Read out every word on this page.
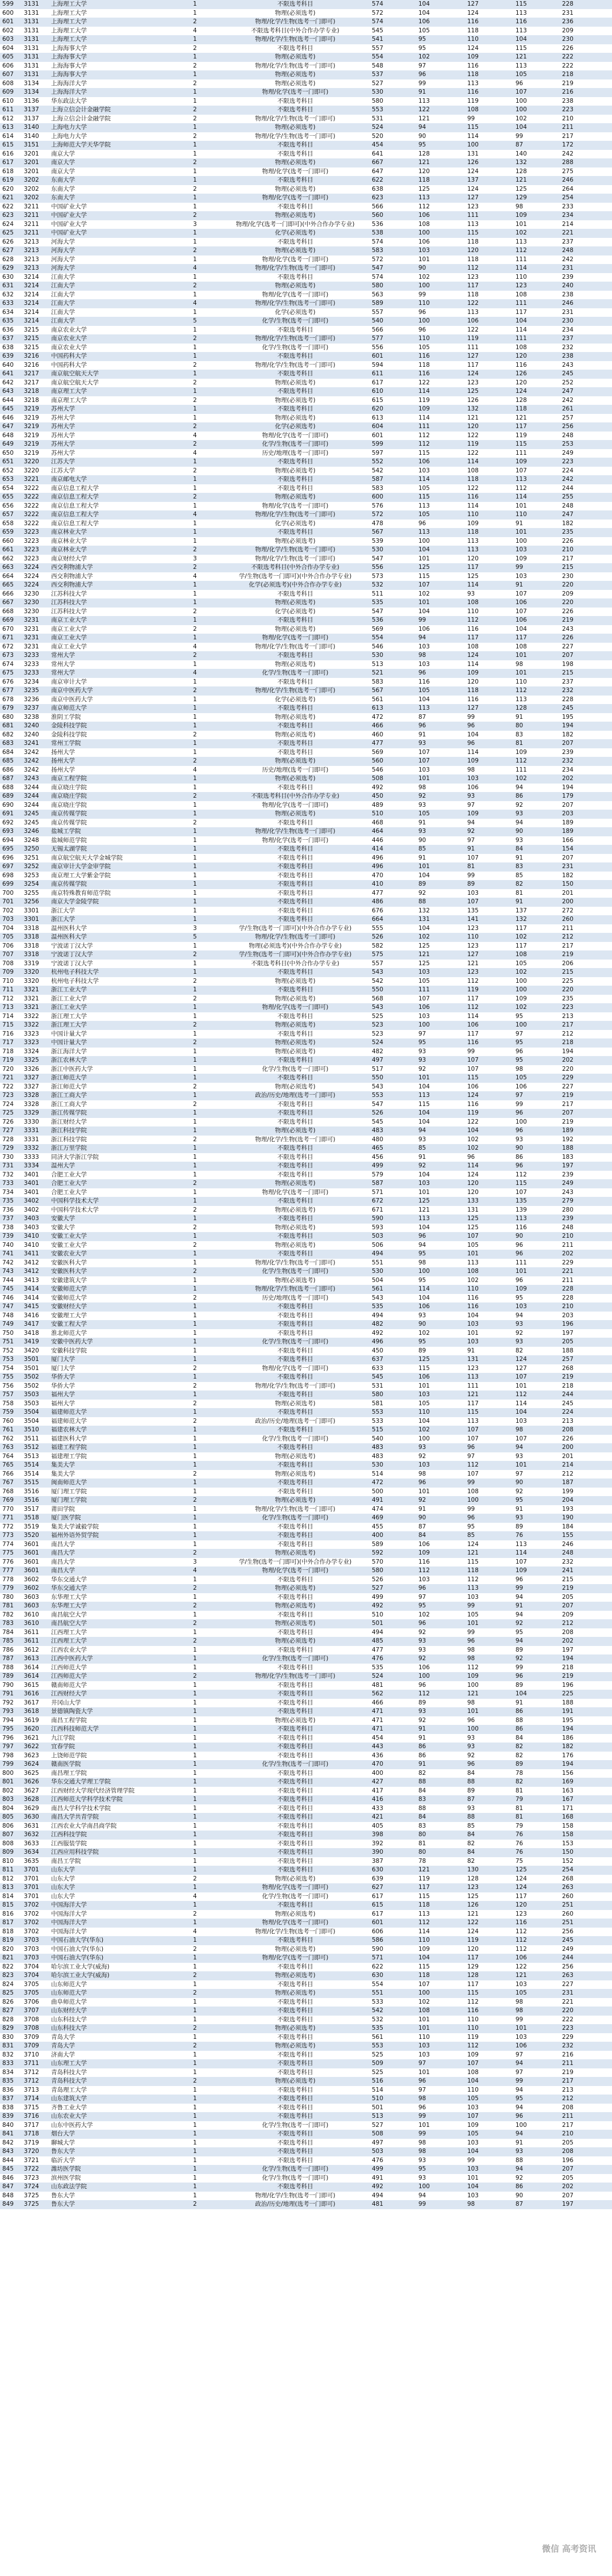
599	3131	上海理工大学	1	不限选考科目	574	104	127	115	228
600	3131	上海理工大学	1	物理(必须选考)	572	104	124	113	231
601	3131	上海理工大学	2	物理/化学/生物(选考一门即可)	574	106	116	116	236
602	3131	上海理工大学	4	不限选考科目(中外合作办学专业)	545	105	118	113	209
603	3131	上海理工大学	1	物理/化学/生物(选考一门即可)	541	95	110	104	230
604	3131	上海海事大学	2	不限选考科目	557	95	124	115	226
605	3131	上海海事大学	1	物理(必须选考)	554	102	109	121	222
606	3131	上海海事大学	2	物理/化学/生物(选考一门即可)	548	97	116	113	222
607	3131	上海海事大学	1	物理(必须选考)	537	96	118	105	218
608	3134	上海海洋大学	2	物理(必须选考)	527	99	113	96	219
609	3134	上海海洋大学	1	物理/化学(选考一门即可)	530	91	116	107	216
610	3136	华东政法大学	1	不限选考科目	580	113	119	100	238
611	3137	上海立信会计金融学院	2	不限选考科目	553	122	108	100	223
612	3137	上海立信会计金融学院	2	物理/化学/生物(选考一门即可)	531	121	99	102	210
613	3140	上海电力大学	1	物理(必须选考)	524	94	115	104	211
614	3140	上海电力大学	2	物理/化学/生物(选考一门即可)	520	90	114	99	217
615	3151	上海师范大学天华学院	1	不限选考科目	454	95	100	87	172
616	3201	南京大学	1	不限选考科目	641	128	131	140	242
617	3201	南京大学	2	物理(必须选考)	667	121	126	132	288
618	3201	南京大学	1	物理/化学(选考一门即可)	647	120	124	128	275
619	3202	东南大学	1	不限选考科目	622	118	137	121	246
620	3202	东南大学	2	物理(必须选考)	638	125	124	125	264
621	3202	东南大学	1	物理/化学(选考一门即可)	623	113	127	129	254
622	3211	中国矿业大学	1	不限选考科目	566	112	123	98	233
623	3211	中国矿业大学	2	物理(必须选考)	560	106	111	109	234
624	3211	中国矿业大学	3	物理/化学(选考一门即可)(中外合作办学专业)	536	108	113	101	214
625	3211	中国矿业大学	1	化学(必须选考)	538	100	115	102	221
626	3213	河海大学	1	不限选考科目	574	106	118	113	237
627	3213	河海大学	2	物理(必须选考)	583	103	120	112	248
628	3213	河海大学	1	物理/化学(选考一门即可)	572	101	118	111	242
629	3213	河海大学	4	物理/化学/生物(选考一门即可)	547	90	112	114	231
630	3214	江南大学	1	不限选考科目	574	102	123	110	239
631	3214	江南大学	2	物理(必须选考)	580	100	117	123	240
632	3214	江南大学	1	物理/化学(选考一门即可)	563	99	118	108	238
633	3214	江南大学	4	物理/化学/生物(选考一门即可)	589	110	122	111	246
634	3214	江南大学	1	化学(必须选考)	557	96	113	117	231
635	3214	江南大学	5	化学/生物(选考一门即可)	540	100	106	104	230
636	3215	南京农业大学	1	不限选考科目	566	96	122	114	234
637	3215	南京农业大学	2	物理/化学/生物(选考一门即可)	577	110	119	111	237
638	3215	南京农业大学	1	化学/生物(选考一门即可)	556	105	111	108	232
639	3216	中国药科大学	1	不限选考科目	601	116	127	120	238
640	3216	中国药科大学	2	物理/化学/生物(选考一门即可)	594	118	117	116	243
641	3217	南京航空航天大学	1	不限选考科目	611	116	124	126	245
642	3217	南京航空航天大学	2	物理(必须选考)	617	122	123	120	252
643	3218	南京理工大学	1	不限选考科目	610	114	125	124	247
644	3218	南京理工大学	2	物理(必须选考)	615	119	126	128	242
645	3219	苏州大学	1	不限选考科目	620	109	132	118	261
646	3219	苏州大学	1	物理(必须选考)	613	114	121	121	257
647	3219	苏州大学	2	化学(必须选考)	604	111	120	117	256
648	3219	苏州大学	4	物理/化学(选考一门即可)	601	112	122	119	248
649	3219	苏州大学	2	化学/生物(选考一门即可)	599	112	119	115	253
650	3219	苏州大学	4	历史/地理(选考一门即可)	597	115	122	111	249
651	3220	江苏大学	1	不限选考科目	552	106	114	109	223
652	3220	江苏大学	2	物理(必须选考)	542	103	108	107	224
653	3221	南京邮电大学	1	不限选考科目	587	114	118	113	242
654	3222	南京信息工程大学	1	不限选考科目	583	105	122	112	244
655	3222	南京信息工程大学	2	物理(必须选考)	600	115	116	114	255
656	3222	南京信息工程大学	1	物理/化学(选考一门即可)	576	113	114	101	248
657	3222	南京信息工程大学	4	物理/化学/生物(选考一门即可)	572	105	110	110	247
658	3222	南京信息工程大学	1	化学(必须选考)	478	96	109	91	182
659	3223	南京林业大学	1	不限选考科目	567	113	118	101	235
660	3223	南京林业大学	1	物理(必须选考)	539	100	113	100	226
661	3223	南京林业大学	2	物理/化学/生物(选考一门即可)	530	104	113	103	210
662	3223	南京财经大学	3	物理/化学/生物(选考一门即可)	547	101	120	109	217
663	3224	西交利物浦大学	2	不限选考科目(中外合作办学专业)	556	125	117	99	215
664	3224	西交利物浦大学	4	学/生物(选考一门即可)(中外合作办学专业)	573	115	125	103	230
665	3224	西交利物浦大学	1	化学(必须选考)(中外合作办学专业)	532	107	114	91	220
666	3230	江苏科技大学	1	不限选考科目	511	102	93	107	209
667	3230	江苏科技大学	1	物理(必须选考)	535	101	108	106	220
668	3230	江苏科技大学	2	化学(必须选考)	547	104	110	107	226
669	3231	南京工业大学	1	不限选考科目	536	99	112	106	219
670	3231	南京工业大学	2	物理(必须选考)	569	106	116	104	243
671	3231	南京工业大学	1	物理/化学(选考一门即可)	554	94	117	117	226
672	3231	南京工业大学	4	物理/化学/生物(选考一门即可)	546	103	108	108	227
673	3233	常州大学	2	不限选考科目	530	98	124	101	207
674	3233	常州大学	1	物理(必须选考)	513	103	114	98	198
675	3233	常州大学	4	化学/生物(选考一门即可)	521	96	109	101	215
676	3234	南京审计大学	1	不限选考科目	583	116	120	110	237
677	3235	南京中医药大学	2	物理/化学/生物(选考一门即可)	567	105	118	112	232
678	3236	南京中医药大学	1	化学(必须选考)	561	104	116	113	228
679	3237	南京师范大学	1	不限选考科目	613	113	127	128	245
680	3238	淮阴工学院	1	物理(必须选考)	472	87	99	91	195
681	3240	金陵科技学院	1	不限选考科目	466	96	96	80	194
682	3240	金陵科技学院	2	物理(必须选考)	460	91	104	83	182
683	3241	常州工学院	1	不限选考科目	477	93	96	81	207
684	3242	扬州大学	1	不限选考科目	569	107	114	109	239
685	3242	扬州大学	2	物理(必须选考)	560	107	109	112	232
686	3242	扬州大学	4	历史/地理(选考一门即可)	546	103	98	111	234
687	3243	南京工程学院	1	物理(必须选考)	508	101	103	102	202
688	3244	南京晓庄学院	1	不限选考科目	492	98	106	94	194
689	3244	南京晓庄学院	2	不限选考科目(中外合作办学专业)	450	92	93	86	179
690	3244	南京晓庄学院	1	物理/化学(选考一门即可)	489	93	97	92	207
691	3245	南京传媒学院	1	物理(必须选考)	510	105	109	93	203
692	3245	南京传媒学院	2	不限选考科目	468	91	94	94	189
693	3246	盐城工学院	1	物理/化学/生物(选考一门即可)	464	93	92	90	189
694	3248	盐城师范学院	1	物理/化学(选考一门即可)	446	90	97	93	166
695	3250	无锡太湖学院	1	不限选考科目	414	85	91	84	154
696	3251	南京航空航天大学金城学院	1	不限选考科目	496	91	107	91	207
697	3252	南京审计大学金审学院	1	不限选考科目	496	101	81	83	231
698	3253	南京理工大学紫金学院	1	不限选考科目	470	104	99	85	182
699	3254	南京传媒学院	1	不限选考科目	410	89	89	82	150
700	3255	南京特殊教育师范学院	1	不限选考科目	477	92	103	81	201
701	3256	南京大学金陵学院	1	不限选考科目	486	88	107	91	200
702	3301	浙江大学	1	不限选考科目	676	132	135	137	272
703	3301	浙江大学	1	不限选考科目	664	131	141	132	260
704	3318	温州医科大学	3	学/生物(选考一门即可)(中外合作办学专业)	555	104	123	117	211
705	3318	温州医科大学	5	物理/化学/生物(选考一门即可)	526	102	110	102	212
706	3318	宁波诺丁汉大学	1	物理(必须选考)(中外合作办学专业)	582	125	123	117	217
707	3318	宁波诺丁汉大学	2	学/生物(选考一门即可)(中外合作办学专业)	575	121	127	108	219
708	3319	宁波诺丁汉大学	1	不限选考科目(中外合作办学专业)	557	125	121	105	206
709	3320	杭州电子科技大学	1	不限选考科目	543	103	123	102	215
710	3320	杭州电子科技大学	2	物理(必须选考)	542	105	112	100	225
711	3321	浙江工业大学	1	不限选考科目	550	111	119	100	220
712	3321	浙江工业大学	2	物理(必须选考)	568	107	117	109	235
713	3321	浙江工业大学	1	物理/化学(选考一门即可)	543	106	112	102	223
714	3322	浙江理工大学	1	不限选考科目	525	103	114	95	213
715	3322	浙江理工大学	2	物理(必须选考)	523	100	106	100	217
716	3323	中国计量大学	1	不限选考科目	523	97	117	97	212
717	3323	中国计量大学	2	物理(必须选考)	524	95	116	95	218
718	3324	浙江海洋大学	1	物理(必须选考)	482	93	99	96	194
719	3325	浙江农林大学	1	不限选考科目	497	93	107	95	202
720	3326	浙江中医药大学	1	化学/生物(选考一门即可)	517	92	107	98	220
721	3327	浙江师范大学	1	不限选考科目	550	101	115	105	229
722	3327	浙江师范大学	2	物理(必须选考)	543	104	106	106	227
723	3328	浙江工商大学	1	政治/历史/地理(选考一门即可)	553	113	124	97	219
724	3328	浙江工商大学	2	不限选考科目	547	115	116	99	217
725	3329	浙江传媒学院	1	不限选考科目	526	104	119	96	207
726	3330	浙江财经大学	1	不限选考科目	545	104	122	100	219
727	3331	浙江科技学院	1	物理(必须选考)	483	94	104	96	189
728	3331	浙江科技学院	2	物理/化学/生物(选考一门即可)	480	93	102	93	192
729	3332	浙江万里学院	1	不限选考科目	465	85	102	90	188
730	3333	同济大学浙江学院	1	不限选考科目	456	91	96	86	183
731	3334	温州大学	1	不限选考科目	499	92	114	96	197
732	3401	合肥工业大学	1	不限选考科目	579	104	124	112	239
733	3401	合肥工业大学	2	物理(必须选考)	587	103	120	115	249
734	3401	合肥工业大学	1	物理/化学(选考一门即可)	571	101	120	107	243
735	3402	中国科学技术大学	1	不限选考科目	672	125	133	135	279
736	3402	中国科学技术大学	2	物理(必须选考)	671	121	131	139	280
737	3403	安徽大学	1	不限选考科目	590	113	125	113	239
738	3403	安徽大学	2	物理(必须选考)	593	104	125	116	248
739	3410	安徽工业大学	1	不限选考科目	503	96	107	90	210
740	3410	安徽工业大学	2	物理(必须选考)	506	94	105	96	211
741	3411	安徽农业大学	1	不限选考科目	494	95	101	96	202
742	3412	安徽医科大学	1	物理/化学/生物(选考一门即可)	551	98	113	111	229
743	3412	安徽医科大学	2	化学/生物(选考一门即可)	530	100	108	101	221
744	3413	安徽建筑大学	1	物理(必须选考)	504	95	102	96	211
745	3414	安徽师范大学	1	物理/化学/生物(选考一门即可)	561	114	110	109	228
746	3414	安徽师范大学	2	历史/地理(选考一门即可)	543	104	116	95	228
747	3415	安徽财经大学	1	不限选考科目	535	106	116	103	210
748	3416	安徽理工大学	1	不限选考科目	494	93	104	94	203
749	3417	安徽工程大学	1	不限选考科目	482	90	103	93	196
750	3418	淮北师范大学	1	不限选考科目	492	102	101	92	197
751	3419	安徽中医药大学	1	化学/生物(选考一门即可)	496	95	103	93	205
752	3420	安徽科技学院	1	不限选考科目	450	89	91	82	188
753	3501	厦门大学	1	不限选考科目	637	125	131	124	257
754	3501	厦门大学	2	物理/化学(选考一门即可)	633	115	123	127	268
755	3502	华侨大学	1	不限选考科目	545	106	113	107	219
756	3502	华侨大学	2	物理/化学/生物(选考一门即可)	531	101	111	101	218
757	3503	福州大学	1	不限选考科目	580	103	121	112	244
758	3503	福州大学	2	物理(必须选考)	581	105	117	114	245
759	3504	福建师范大学	1	不限选考科目	553	110	115	104	224
760	3504	福建师范大学	2	政治/历史/地理(选考一门即可)	533	104	113	103	213
761	3510	福建农林大学	1	不限选考科目	515	102	107	98	208
762	3511	福建医科大学	1	化学/生物(选考一门即可)	540	100	107	107	226
763	3512	福建工程学院	1	不限选考科目	483	93	96	94	200
764	3513	福建理工学院	1	物理(必须选考)	483	92	97	93	201
765	3514	集美大学	1	不限选考科目	530	103	112	101	214
766	3514	集美大学	2	物理(必须选考)	514	98	107	97	212
767	3515	闽南师范大学	1	不限选考科目	472	96	99	90	187
768	3516	厦门理工学院	1	不限选考科目	500	101	108	92	199
769	3516	厦门理工学院	2	物理(必须选考)	491	92	100	95	204
770	3517	莆田学院	1	物理/化学/生物(选考一门即可)	474	91	99	91	193
771	3518	厦门医学院	1	化学/生物(选考一门即可)	469	90	96	93	190
772	3519	集美大学诚毅学院	1	不限选考科目	455	87	95	89	184
773	3520	福州外语外贸学院	1	不限选考科目	400	84	85	76	155
774	3601	南昌大学	1	不限选考科目	589	106	124	113	246
775	3601	南昌大学	2	物理(必须选考)	592	109	121	114	248
776	3601	南昌大学	3	学/生物(选考一门即可)(中外合作办学专业)	570	116	115	107	232
777	3601	南昌大学	4	物理/化学(选考一门即可)	580	112	118	109	241
778	3602	华东交通大学	1	不限选考科目	526	103	112	96	215
779	3602	华东交通大学	2	物理(必须选考)	527	96	113	99	219
780	3603	东华理工大学	1	不限选考科目	499	97	103	94	205
781	3603	东华理工大学	2	物理(必须选考)	492	95	99	91	207
782	3610	南昌航空大学	1	不限选考科目	510	102	105	94	209
783	3610	南昌航空大学	2	物理(必须选考)	501	96	101	92	212
784	3611	江西理工大学	1	不限选考科目	494	92	99	95	208
785	3611	江西理工大学	2	物理(必须选考)	485	93	96	94	202
786	3612	江西农业大学	1	不限选考科目	477	93	98	89	197
787	3613	江西中医药大学	1	化学/生物(选考一门即可)	476	92	98	92	194
788	3614	江西师范大学	1	不限选考科目	535	106	112	99	218
789	3614	江西师范大学	2	物理/化学/生物(选考一门即可)	524	100	109	96	219
790	3615	赣南师范大学	1	不限选考科目	481	96	100	89	196
791	3616	江西财经大学	1	不限选考科目	562	112	121	104	225
792	3617	井冈山大学	1	不限选考科目	466	89	98	91	188
793	3618	景德镇陶瓷大学	1	不限选考科目	471	93	101	86	191
794	3619	南昌工程学院	1	物理(必须选考)	471	92	96	88	195
795	3620	江西科技师范大学	1	不限选考科目	471	91	100	86	194
796	3621	九江学院	1	不限选考科目	454	91	93	84	186
797	3622	宜春学院	1	不限选考科目	443	86	93	82	182
798	3623	上饶师范学院	1	不限选考科目	436	86	92	82	176
799	3624	赣南医学院	1	化学/生物(选考一门即可)	470	91	96	89	194
800	3625	南昌理工学院	1	不限选考科目	400	82	84	78	156
801	3626	华东交通大学理工学院	1	不限选考科目	427	88	88	82	169
802	3627	江西财经大学现代经济管理学院	1	不限选考科目	417	84	89	81	163
803	3628	江西师范大学科学技术学院	1	不限选考科目	416	83	87	79	167
804	3629	南昌大学科学技术学院	1	不限选考科目	433	88	93	81	171
805	3630	南昌大学共青学院	1	不限选考科目	421	84	88	81	168
806	3631	江西农业大学南昌商学院	1	不限选考科目	405	83	85	79	158
807	3632	江西科技学院	1	不限选考科目	398	80	84	76	158
808	3633	江西服装学院	1	不限选考科目	392	81	82	76	153
809	3634	江西应用科技学院	1	不限选考科目	390	80	84	76	150
810	3635	南昌工学院	1	不限选考科目	387	78	82	75	152
811	3701	山东大学	1	不限选考科目	630	121	130	125	254
812	3701	山东大学	2	物理(必须选考)	639	119	128	124	268
813	3701	山东大学	1	物理/化学(选考一门即可)	627	117	123	124	263
814	3701	山东大学	4	化学/生物(选考一门即可)	617	115	125	117	260
815	3702	中国海洋大学	1	不限选考科目	615	118	126	120	251
816	3702	中国海洋大学	2	物理(必须选考)	617	113	121	123	260
817	3702	中国海洋大学	1	物理/化学(选考一门即可)	601	112	122	116	251
818	3702	中国海洋大学	4	物理/化学/生物(选考一门即可)	606	114	124	112	256
819	3703	中国石油大学(华东)	1	不限选考科目	586	110	119	112	245
820	3703	中国石油大学(华东)	2	物理(必须选考)	590	109	120	112	249
821	3703	中国石油大学(华东)	1	物理/化学(选考一门即可)	571	104	117	106	244
822	3704	哈尔滨工业大学(威海)	1	不限选考科目	622	115	129	122	256
823	3704	哈尔滨工业大学(威海)	2	物理(必须选考)	630	118	128	121	263
824	3705	山东师范大学	1	不限选考科目	554	107	117	103	227
825	3705	山东师范大学	2	物理(必须选考)	551	100	115	105	231
826	3706	曲阜师范大学	1	不限选考科目	533	102	112	98	221
827	3707	山东财经大学	1	不限选考科目	542	108	116	98	220
828	3708	山东科技大学	1	不限选考科目	532	101	110	99	222
829	3708	山东科技大学	2	物理(必须选考)	535	101	110	101	223
830	3709	青岛大学	1	不限选考科目	561	110	119	103	229
831	3709	青岛大学	2	物理(必须选考)	553	103	112	106	232
832	3710	济南大学	1	不限选考科目	525	103	109	97	216
833	3711	山东理工大学	1	不限选考科目	509	97	107	94	211
834	3712	青岛科技大学	1	不限选考科目	525	101	108	97	219
835	3712	青岛科技大学	2	物理(必须选考)	516	96	104	99	217
836	3713	青岛理工大学	1	不限选考科目	514	97	110	94	213
837	3714	山东建筑大学	1	不限选考科目	510	98	105	95	212
838	3715	齐鲁工业大学	1	不限选考科目	501	96	103	94	208
839	3716	山东农业大学	1	不限选考科目	513	99	107	96	211
840	3717	山东中医药大学	1	化学/生物(选考一门即可)	527	101	109	100	217
841	3718	烟台大学	1	不限选考科目	508	99	105	94	210
842	3719	聊城大学	1	不限选考科目	497	98	103	91	205
843	3720	鲁东大学	1	不限选考科目	503	98	104	93	208
844	3721	临沂大学	1	不限选考科目	476	93	99	88	196
845	3722	潍坊医学院	1	化学/生物(选考一门即可)	499	95	103	94	207
846	3723	滨州医学院	1	化学/生物(选考一门即可)	491	93	101	92	205
847	3724	山东政法学院	1	不限选考科目	492	100	104	86	202
848	3725	鲁东大学	1	物理/化学/生物(选考一门即可)	494	94	103	90	207
849	3725	鲁东大学	2	政治/历史/地理(选考一门即可)	481	99	98	87	197
微信 高考资讯
